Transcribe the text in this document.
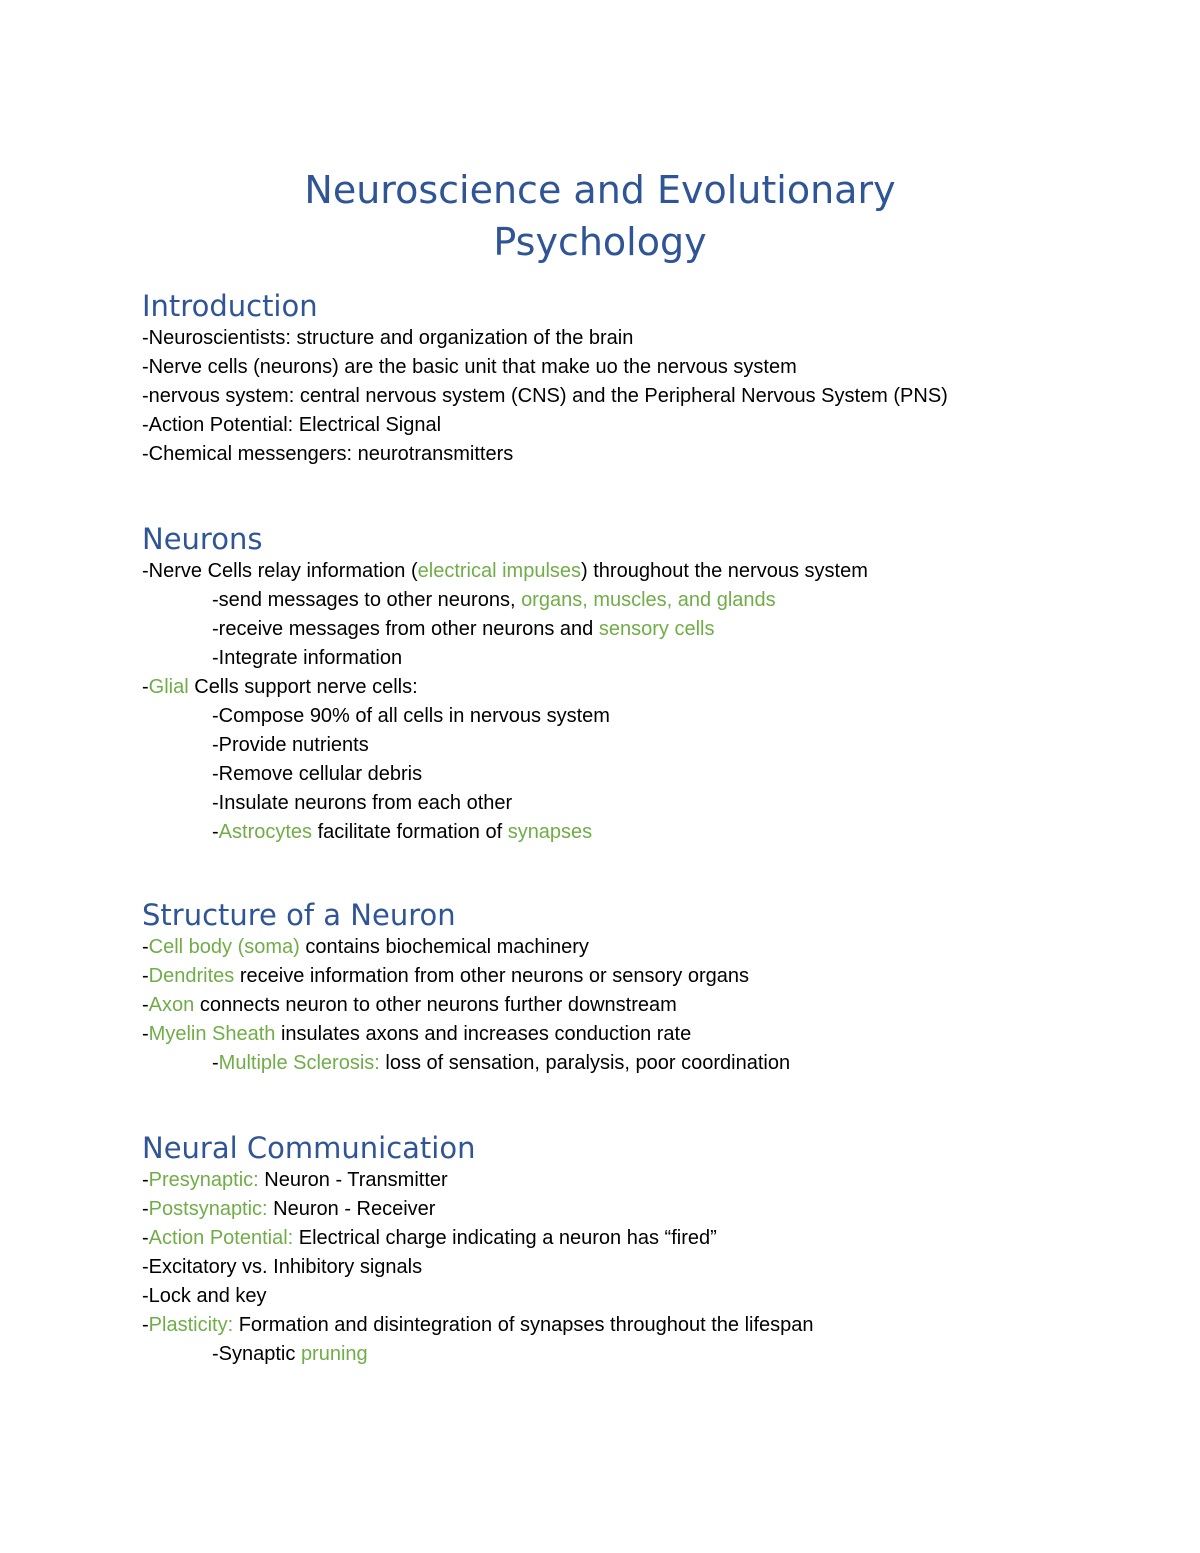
Neuroscience and Evolutionary
Psychology
Introduction
-Neuroscientists: structure and organization of the brain
-Nerve cells (neurons) are the basic unit that make uo the nervous system
-nervous system: central nervous system (CNS) and the Peripheral Nervous System (PNS)
-Action Potential: Electrical Signal
-Chemical messengers: neurotransmitters
Neurons
-Nerve Cells relay information (electrical impulses) throughout the nervous system
-send messages to other neurons, organs, muscles, and glands
-receive messages from other neurons and sensory cells
-Integrate information
-Glial Cells support nerve cells:
-Compose 90% of all cells in nervous system
-Provide nutrients
-Remove cellular debris
-Insulate neurons from each other
-Astrocytes facilitate formation of synapses
Structure of a Neuron
-Cell body (soma) contains biochemical machinery
-Dendrites receive information from other neurons or sensory organs
-Axon connects neuron to other neurons further downstream
-Myelin Sheath insulates axons and increases conduction rate
-Multiple Sclerosis: loss of sensation, paralysis, poor coordination
Neural Communication
-Presynaptic: Neuron - Transmitter
-Postsynaptic: Neuron - Receiver
-Action Potential: Electrical charge indicating a neuron has “fired”
-Excitatory vs. Inhibitory signals
-Lock and key
-Plasticity: Formation and disintegration of synapses throughout the lifespan
-Synaptic pruning
